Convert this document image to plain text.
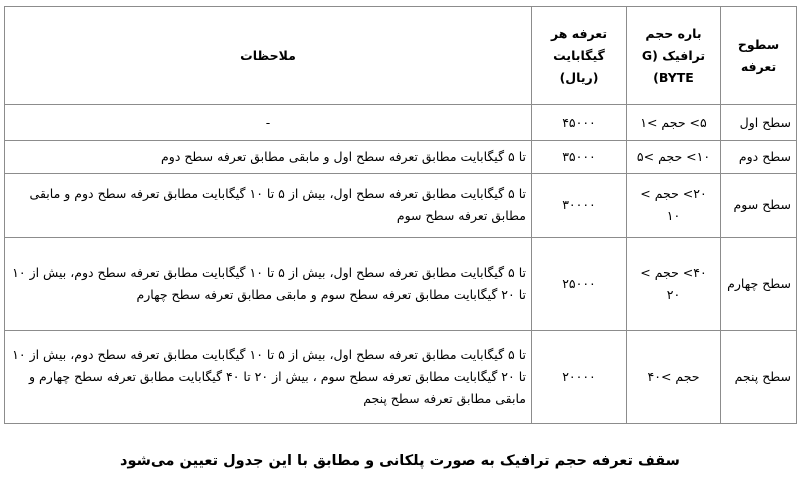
سطوح تعرفه	باره حجم ترافیک (G BYTE)	تعرفه هر گیگابایت (ریال)	ملاحظات
سطح اول	۵> حجم >۱	۴۵۰۰۰	-
سطح دوم	۱۰> حجم >۵	۳۵۰۰۰	تا ۵ گیگابایت مطابق تعرفه سطح اول و مابقی مطابق تعرفه سطح دوم
سطح سوم	۲۰> حجم > ۱۰	۳۰۰۰۰	تا ۵ گیگابایت مطابق تعرفه سطح اول، بیش از ۵ تا ۱۰ گیگابایت مطابق تعرفه سطح دوم و مابقی مطابق تعرفه سطح سوم
سطح چهارم	۴۰> حجم > ۲۰	۲۵۰۰۰	تا ۵ گیگابایت مطابق تعرفه سطح اول، بیش از ۵ تا ۱۰ گیگابایت مطابق تعرفه سطح دوم، بیش از ۱۰ تا ۲۰ گیگابایت مطابق تعرفه سطح سوم و مابقی مطابق تعرفه سطح چهارم
سطح پنجم	حجم >۴۰	۲۰۰۰۰	تا ۵ گیگابایت مطابق تعرفه سطح اول، بیش از ۵ تا ۱۰ گیگابایت مطابق تعرفه سطح دوم، بیش از ۱۰ تا ۲۰ گیگابایت مطابق تعرفه سطح سوم ، بیش از ۲۰ تا ۴۰ گیگابایت مطابق تعرفه سطح چهارم و مابقی مطابق تعرفه سطح پنجم
سقف تعرفه حجم ترافیک به صورت پلکانی و مطابق با این جدول تعیین می‌شود
